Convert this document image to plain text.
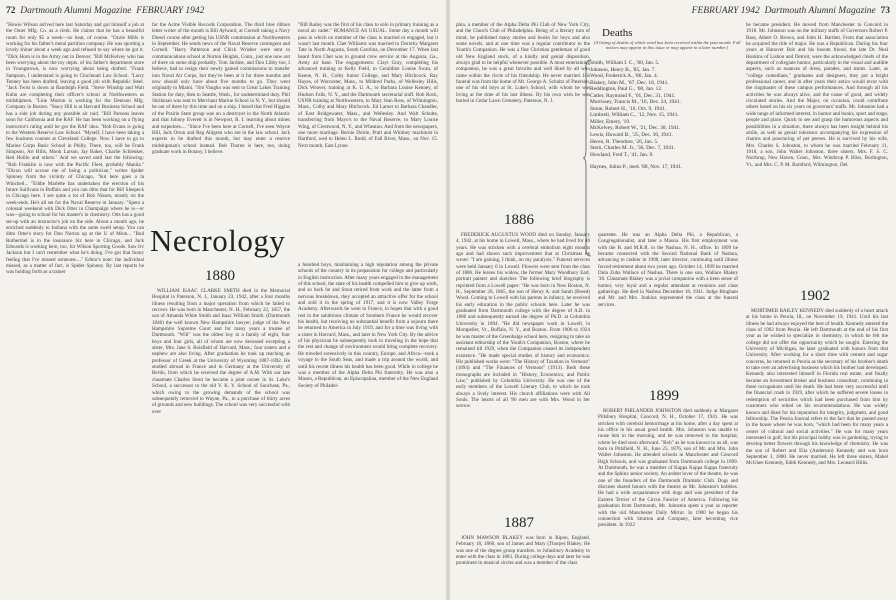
72 Dartmouth Alumni Magazine FEBRUARY 1942

"Howie Wilson arrived here last Saturday and got himself a job at the Outer Mfg. Co. as a clerk. He claims that he has a beautiful room for only $5 a week—no heat, of course. "Ozzie Mills is working for his father's metal partition company. He was sporting a lovely shiner about a week ago and refused to say where he got it. "Dick Horn is in the Army out in Denver. "Bill McKelvey who has been worrying about the toy depts. of his father's department store in Youngstown, is now worrying about being drafted. "Frank Sampson, I understand is going to Cincinnati Law School. "Larry Tenney has been drafted, leaving a good job with Republic Steel. "Jack Twist is down at Randolph Field. "Steve Winship and Walt Kuhn are completing their officer's school at Northwestern as midshipmen. "Line Morton is working for the Denison Mfg. Company in Boston. "Stacy Hill is at Harvard Business School and has a side job during any possible air raid. "Bill Parsons leaves soon for California and the RAF. He has been working on a flying instructor's rating until he got the RAF idea. "Bob Evans is going to the Western Reserve Law School. "Myself, I have been taking a few business courses at Cleveland College. Now I have to go to Marine Corps Basic School in Philly. There, too, will be Frank Simpson, Art Hills, Monk Larson, Jay Baker, Charlie Schlenker, Red Hollin and others." And we saved until last the following: "Bob Franklin is now with the Pacific Fleet, probably Manila." "Dixon will accuse me of being a politician," writes Spider Spinney from the vicinity of Chicago, "but here goes a la Winchell... "Eddie Marlette has undertaken the erection of his future Sullivans in Buffalo and you can ditto that for Bill Sleepeck in Chicago here. I see quite a lot of Bob Nissen, mostly on the week-ends. He's all set for the Naval Reserve in January. "Spent a colossal weekend with Dick Otter in Champaign where he is—or was—going to school for his master's in chemistry. Otts has a good set-up with an instructor's job on the side. About a month ago, he enriched suddenly to Indiana with the same swell setup. You can ditto Otter's story for Don Norton up at the U of Minn... "Bud Rothermel is in the insurance biz here in Chicago, and Jack Edwards is working here, too, for Wilson Sporting Goods. Saw Irv Jackson but I can't remember what he's doing. I've got that funny feeling that I've missed someone...." Editor's note: the individual missed, as a matter of fact, is Spider Spinney. By last reports he was holding forth as a trainer

for the Acme Visible Records Corporation. The third blue ribbon letter writer of the month is Bill Aylward, at Cornell taking a Navy Diesel course after getting his USNR commission at Northwestern in September. He sends news of the Naval Reserve contingent and Cornell. "Harry Patterson and Chick Wrisher were sent to communications school at Norton Heights, Conn., just one now out of there on some ship probably. Tom Jardine, and Don Libby too, I believe, had to resign their newly gained commissions to transfer into Naval Air Corps, but they've been at it for three months and now should only have about five months to go. They went originally to Miami. "Jim Vaughn was sent to Great Lakes Training Station for duty, then to Seattle, Wash., for undetermined duty. Phil Shrikman was sent to Merchant Marine School in N. Y., but should be out of there by this time and on a ship. I heard that Fred Higgins of the Prairie State group was on a destroyer in the North Atlantic and that Johnny Everett is in Newport, R. I. learning about mines and torpedoes.... "Since I've been here at Cornell, I've seen Wayne Hill, Jack Orton and Reg Ahlgren who are in the law school. Jack expects to be drafted this month, but may enter a reserve midshipman's school instead. Bob Thorne is here, too, doing graduate work in Botany, I believe.

"Bill Bailey was the first of his class to solo in primary training as a naval air cadet." ROMANCE AS USUAL. Some day a month will pass in which no member of the class is married or engaged, but it wasn't last month. Chet Williams was married to Dorothy Margaret Tate in North Augusta, South Carolina, on December 17. When last heard from Chet was in ground crew service at the Augusta, Ga., Army air base. The engagements: Clayt Gray, completing his advanced training at Kelly Field, to Geraldine Louise Swan, of Keene, N. H., Colby Junior College, and Mary Hitchcock. Ray Hayes, of Worcester, Mass., to Mildred Parks, of Wellesley Hills, Dick Weaver, training at K. U. A., to Barbara Louise Kenney, of Hudson Falls, N. Y., and the Dartmouth secretarial staff. Bob Rock, USNR training at Northwestern, to Mary Jean Ross, of Wilmington, Mass., Colby and Mary Hitchcock. Ed Larner to Barbara Chandler, of East Bridgewater, Mass., and Wellesley. And Walt Schulte, transferring from Mayo's to the Naval Reserve, to Mary Louise Wing, of Crestwood, N. Y., and Wheaton. And from the newspapers, one more marriage. Bernie Dolrie, Pratt and Whitney machinist in Hartford, wed to Helen L. Rudd, of Fall River, Mass., on Nov. 15. Next month, East Lynne.

Necrology
1880

WILLIAM ISAAC CLARKE SMITH died in the Memorial Hospital in Paterson, N. J., January 23, 1942, after a four months illness resulting from a major operation from which he failed to recover. He was born in Manchester, N. H., February 22, 1857, the son of Amanda White Smith and Isaac William Smith. (Dartmouth 1846) the well known New Hampshire lawyer, judge of the New Hampshire Supreme Court and for many years a trustee of Dartmouth. "Will" was the oldest boy in a family of eight, four boys and four girls, all of whom are now deceased excepting a sister, Mrs. Jane S. Boisfield of Harvard, Mass.; four sisters and a nephew are also living. After graduation he took up teaching as professor of Greek at the University of Wyoming 1887-1892. He studied abroad in France and in Germany at the University of Berlin, from which he received the degree of A.M. With our late classmate Charles Stout he became a joint owner in St. Luke's School, a successor to the old V. K. Y. School of Sunchase, Pa., which owing to the growing demands of the school was subsequently removed to Wayne, Pa., to a purchase of thirty acres of grounds and new buildings. The school was very successful with over

a hundred boys, maintaining a high reputation among the private schools of the country in its preparation for college and particularly in English instruction. After many years engaged in the management of this school, the state of his health compelled him to give up work, and so back he and Stout retired from work and the latter from a nervous breakdown, they accepted an attractive offer for the school and sold it in the spring of 1917, and it is now Valley Forge Academy. Afterwards he went to France, in hopes that with a good rest in the salubrious climate of Southern France he would recover his health, but receiving no substantial benefit from a sojourn there he returned to America in July 1919, and for a time was living with a sister in Harvard, Mass., and later in New York City. By the advice of his physician he subsequently took to traveling in the hope that the rest and change of environment would bring complete recovery. He traveled extensively in this country, Europe, and Africa—took a voyage to the South Seas, and made a trip around the world, and until his recent illness his health has been good. While in college he was a member of the Alpha Delta Phi fraternity. He was also a Mason, a Republican, an Episcopalian, member of the New England Society of Philadel-

FEBRUARY 1942 Dartmouth Alumni Magazine 73

phia, a member of the Alpha Delta Phi Club of New York City, and the Church Club of Philadelphia. Being of a literary turn of mind, he published many stories and books for boys and also some novels, and at one time was a regular contributor to the Youth's Companion. He was a fine Christian gentleman of good old New England stock, of a kindly and genial disposition, always glad to be helpful whenever possible. A most entertaining companion, he was a great favorite and well liked by all who came within the circle of his friendship. He never married. His funeral was from the home of Mr. George A. Schultz of Paterson, one of his old boys at St. Luke's School, with whom he was living at the time of his last illness. By his own wish he was buried in Cedar Lawn Cemetery, Paterson, N. J.

1886

FREDERICK AUGUSTUS WOOD died on Sunday, January 4, 1942, at his home in Lowell, Mass., where he had lived for 46 years. He was stricken with a cerebral embolism eight months ago and had shown such improvement that at Christmas he wrote: "I am gaining, I think, on my paralysis." Funeral services were held January 6 in Lowell. Flowers were sent from the class of 1886. He leaves his widow, the former Mary Woodbury Earl, portrait painter and sketcher. The following brief biography is reprinted from a Lowell paper: "He was born in New Boston, N. H., September 28, 1865, the son of Henry A. and Sarah (Breed) Wood. Coming to Lowell with his parents in infancy, he received his early education in the public schools here. Later he was graduated from Dartmouth college with the degree of A.B. in 1886 and subsequently earned the degree of Ph.D. at Columbia University in 1894. "He did newspaper work in Lowell, in Montpelier, Vt., Buffalo, N. Y., and Boston. From 1906 to 1924 he was master of the Greenhalge school here, resigning to take an assistant editorship of the Youth's Companion, Boston, where he remained till 1929, when the Companion ceased its independent existence. "He made special studies of history and economics. His published works were: "The History of Taxation in Vermont" (1894) and "The Finances of Vermont" (1913). Both these monographs are included in "History, Economics, and Public Law," published by Columbia University. He was one of the early members of the Lowell Literary Club, to which he took always a lively interest. His church affiliations were with All Souls. The hearts of all '86 men are with Mrs. Wood in her sorrow.

1887

JOHN MAWSON BLAKEY was born in Ripon, England, February 18, 1866, son of James and Mary (Thorpe) Blakey. He was one of the degree group transfers. to Johnsbury Academy to enter with the class in 1883. During college days and later he was prominent in musical circles and was a member of the class

Deaths
[A listing of deaths of which word has been received within the past month. Full notices may appear in this issue or may appear in a later number.]
Smith, William I. C., '80, Jan. 5.
Johnson, Henry B., '85, Jan. 7.
Wood, Frederick A., '86, Jan. 4.
Blakey, John M., '87, Dec. 18, 1941.
Reddington, Paul G., '00, Jan. 12.
Cutler, Raymond F., '01, Dec. 31, 1941.
Morrissey, Francis M., '10, Dec. 24, 1941.
Stone, Robert H., '10, Oct. 9, 1941.
Limbrell, William C., '12, Nov. 15, 1941.
Miller, Emery, '19.
McKelvey, Robert W., '21, Dec. 30, 1941.
Lewis, Howard B., '25, Dec. 30, 1941.
Heren, R. Theodore, '26, Jan. 5.
Stern, Charles M. Jr., '36, Dec. 7, 1941.
Howland, Fred T., '41, Jan. 9.
Haynes, Julius P., med. '88, Nov. 17, 1941.

quartette. He was an Alpha Delta Phi, a Republican, a Congregationalist, and later a Mason. His first employment was with the B. and M.R.R. in the Nashua, N. H., office. In 1899 he became connected with the Second National Bank of Nashua, advancing to cashier in 1908, later director, continuing until illness forced retirement about two years ago. October 14, 1899 he married Dula Zuba Wallace of Nashua. There is one son, Wallace Blakey '30. Classmate Blakey was a jovial companion with a keen sense of humor, very loyal and a regular attendant at reunions and class gatherings. He died in Nashua December 18, 1941. Judge Bingham and Mr. and Mrs. Junkins represented the class at the funeral services.

1899

ROBERT PHILANDER JOHNSTON died suddenly at Margaret Pillsbury Hospital, Concord, N. H., October 17, 1941. He was stricken with cerebral hemorrhage at his home, after a day spent at his office in his usual good health. Mrs. Johnston was unable to rouse him in the morning, and he was removed to the hospital, where he died soon afterward. "Bob" as he was known to us all, was born in Pittsfield, N. H., June 25, 1876, son of Mr. and Mrs. John Walter Johnston. He attended schools in Manchester and Concord High Schools, and was graduated from Dartmouth college in 1899. At Dartmouth, he was a member of Kappa Kappa Kappa fraternity and the Sphinx senior society. An ardent lover of the theatre, he was one of the founders of the Dartmouth Dramatic Club. Dogs and discuses shared honors with the theatre as Mr. Johnston's hobbies. He had a wide acquaintance with dogs and was president of the Eastern Terrier of the Circus Fancier of America. Following his graduation from Dartmouth, Mr. Johnston spent a year as reporter with the old Manchester Daily Mirror. In 1900 he began his connection with Stratton and Company, later becoming vice president. In 1922

he became president. He moved from Manchester to Concord in 1918. Mr. Johnston was on the military staffs of Governors Robert P. Bass, Albert O. Brown, and John H. Bartlett. From that association he acquired the title of major. He was a Republican. During his four years at Hanover Bob and his bosom friend, the late Dr. Neal Hoskins of Lisbon and Detroit, were the acknowledged chiefs of the department of collegiate humor, particularly in the visual and audible aspects, such as nuances of dress, parades, and stunts. Later, as "college comedians," graduates and designers, they put a bright professional career, and in after years their antics would recur with the ringmaster of these campus performances. And through all his activities he was always alive, and the cause of good, and widely circulated stories. And the Major, on occasion, could contribute others based on his six years on governors' staffs. Mr. Johnston had a wide range of informed interest, in humor and books, sport and stage, people and place. Quick to see and grasp the humorous aspects and possibilities in a situation, there always has been insight behind his smile, as well as genial tolerance accompanying his expression of charms and puncturing of pet peeves. He is survived by his wife, Mrs. Charles S. Johnston, to whom he was married February 11, 1918, a son, John Walter Johnston, three sisters, Mrs. F. S. C. Northrup, New Haven, Conn., Mrs. Winthrop P. Bliss, Burlington, Vt., and Mrs. C. P. M. Rumford, Wilmington, Del.

1902

MORTIMER BAILEY KENNEDY died suddenly of a heart attack at his home in Peoria, Ill., on November 19, 1941. Until his last illness he had always enjoyed the best of health. Kennedy entered the class of 1902 from Peoria. He left Dartmouth at the end of his first year as he wished to specialize in chemistry, in which he felt the college did not offer the opportunity which he sought. Entering the University of Michigan, he later graduated with honors from that University. After working for a short time with cement and sugar concerns, he returned to Peoria as the secretary of his brother's death to take over an advertising business which his brother had developed. Kennedy also interested himself in Florida real estate, and finally became an investment broker and business consultant, continuing in these occupations until his death. He had been very successful until the financial crash in 1929, after which he suffered severe losses in redemption of securities which had been purchased from him by customers who relied on his recommendations. He was widely known and liked for his reputation for integrity, judgment, and good fellowship. The Peoria Journal refers to the fact that he passed away in the house where he was born, "which had been for many years a center of cultural and social activities." He was for many years interested in golf, but his principal hobby was in gardening, trying to develop better flowers through his knowledge of chemistry. He was the son of Robert and Elia (Anderson) Kennedy and was born September 3, 1880. He never married. He left three sisters, Mabel McGhee Kennedy, Edith Kennedy, and Mrs. Leonard Hillis.
